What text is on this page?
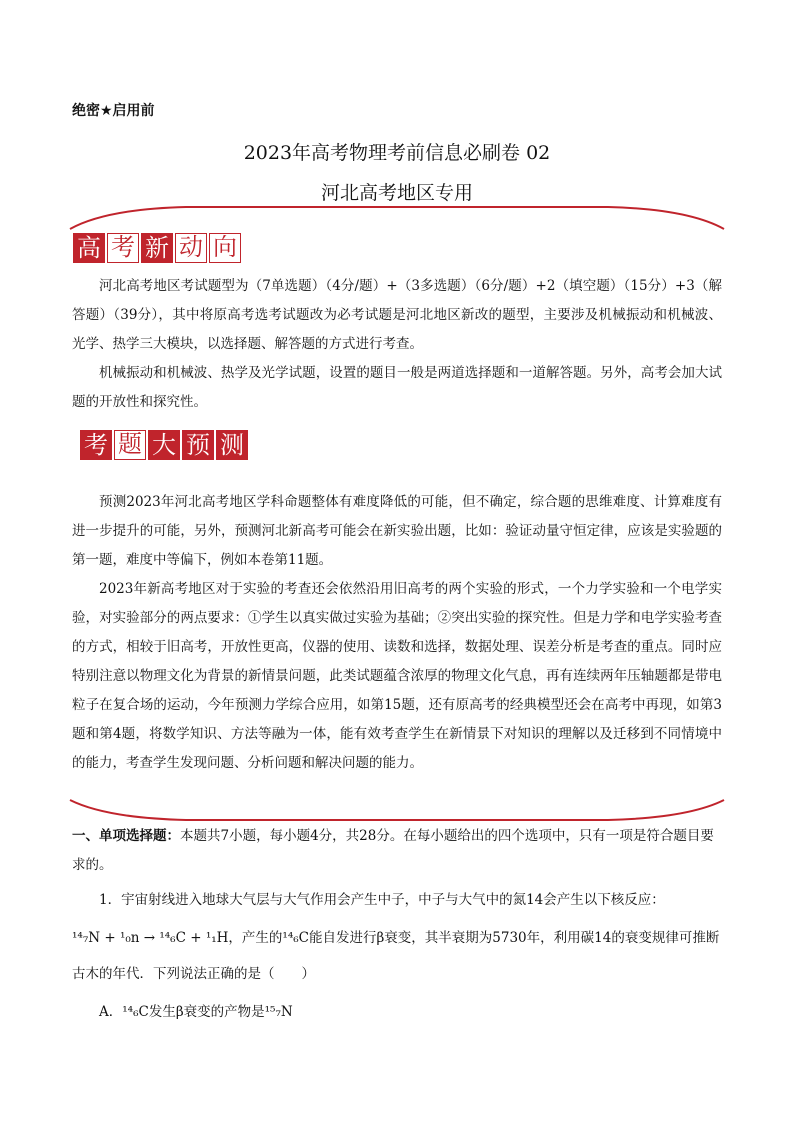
绝密★启用前
2023年高考物理考前信息必刷卷 02
河北高考地区专用
高 考 新 动 向

河北高考地区考试题型为（7单选题）（4分/题）+（3多选题）（6分/题）+2（填空题）（15分）+3（解答题）（39分），其中将原高考选考试题改为必考试题是河北地区新改的题型，主要涉及机械振动和机械波、光学、热学三大模块，以选择题、解答题的方式进行考查。

机械振动和机械波、热学及光学试题，设置的题目一般是两道选择题和一道解答题。另外，高考会加大试题的开放性和探究性。

考 题 大 预 测

预测2023年河北高考地区学科命题整体有难度降低的可能，但不确定，综合题的思维难度、计算难度有进一步提升的可能，另外，预测河北新高考可能会在新实验出题，比如：验证动量守恒定律，应该是实验题的第一题，难度中等偏下，例如本卷第11题。

2023年新高考地区对于实验的考查还会依然沿用旧高考的两个实验的形式，一个力学实验和一个电学实验，对实验部分的两点要求：①学生以真实做过实验为基础；②突出实验的探究性。但是力学和电学实验考查的方式，相较于旧高考，开放性更高，仪器的使用、读数和选择，数据处理、误差分析是考查的重点。同时应特别注意以物理文化为背景的新情景问题，此类试题蕴含浓厚的物理文化气息，再有连续两年压轴题都是带电粒子在复合场的运动，今年预测力学综合应用，如第15题，还有原高考的经典模型还会在高考中再现，如第3题和第4题，将数学知识、方法等融为一体，能有效考查学生在新情景下对知识的理解以及迁移到不同情境中的能力，考查学生发现问题、分析问题和解决问题的能力。

一、单项选择题：本题共7小题，每小题4分，共28分。在每小题给出的四个选项中，只有一项是符合题目要求的。
1．宇宙射线进入地球大气层与大气作用会产生中子，中子与大气中的氮14会产生以下核反应：
¹⁴₇N + ¹₀n → ¹⁴₆C + ¹₁H，产生的¹⁴₆C能自发进行β衰变，其半衰期为5730年，利用碳14的衰变规律可推断
古木的年代．下列说法正确的是（　　）
A．¹⁴₆C发生β衰变的产物是¹⁵₇N
